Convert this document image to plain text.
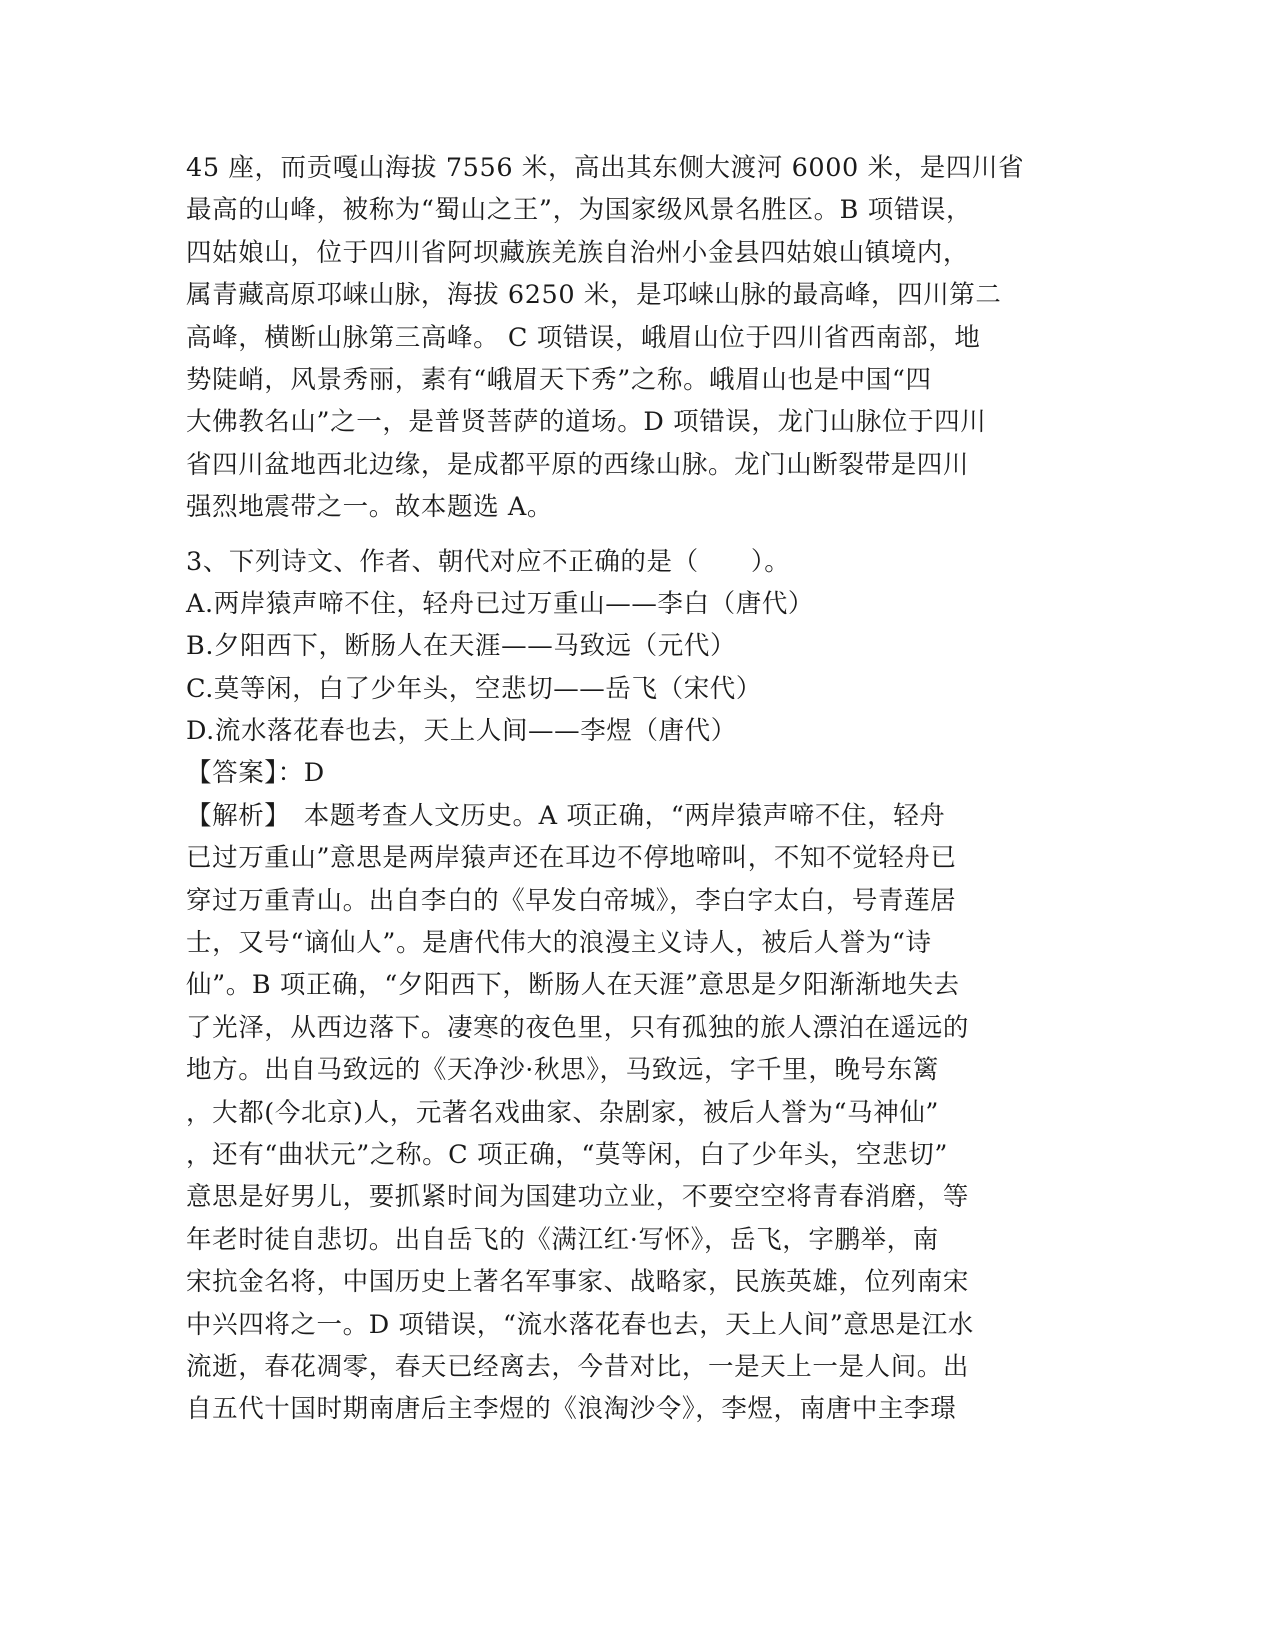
45 座，而贡嘎山海拔 7556 米，高出其东侧大渡河 6000 米，是四川省
最高的山峰，被称为“蜀山之王”，为国家级风景名胜区。B 项错误，
四姑娘山，位于四川省阿坝藏族羌族自治州小金县四姑娘山镇境内，
属青藏高原邛崃山脉，海拔 6250 米，是邛崃山脉的最高峰，四川第二
高峰，横断山脉第三高峰。 C 项错误，峨眉山位于四川省西南部，地
势陡峭，风景秀丽，素有“峨眉天下秀”之称。峨眉山也是中国“四
大佛教名山”之一，是普贤菩萨的道场。D 项错误，龙门山脉位于四川
省四川盆地西北边缘，是成都平原的西缘山脉。龙门山断裂带是四川
强烈地震带之一。故本题选 A。
3、下列诗文、作者、朝代对应不正确的是（　　）。
A.两岸猿声啼不住，轻舟已过万重山——李白（唐代）
B.夕阳西下，断肠人在天涯——马致远（元代）
C.莫等闲，白了少年头，空悲切——岳飞（宋代）
D.流水落花春也去，天上人间——李煜（唐代）
【答案】：D
【解析】　本题考查人文历史。A 项正确，“两岸猿声啼不住，轻舟
已过万重山”意思是两岸猿声还在耳边不停地啼叫，不知不觉轻舟已
穿过万重青山。出自李白的《早发白帝城》，李白字太白，号青莲居
士，又号“谪仙人”。是唐代伟大的浪漫主义诗人，被后人誉为“诗
仙”。B 项正确，“夕阳西下，断肠人在天涯”意思是夕阳渐渐地失去
了光泽，从西边落下。凄寒的夜色里，只有孤独的旅人漂泊在遥远的
地方。出自马致远的《天净沙·秋思》，马致远，字千里，晚号东篱
，大都(今北京)人，元著名戏曲家、杂剧家，被后人誉为“马神仙”
，还有“曲状元”之称。C 项正确，“莫等闲，白了少年头，空悲切”
意思是好男儿，要抓紧时间为国建功立业，不要空空将青春消磨，等
年老时徒自悲切。出自岳飞的《满江红·写怀》，岳飞，字鹏举，南
宋抗金名将，中国历史上著名军事家、战略家，民族英雄，位列南宋
中兴四将之一。D 项错误，“流水落花春也去，天上人间”意思是江水
流逝，春花凋零，春天已经离去，今昔对比，一是天上一是人间。出
自五代十国时期南唐后主李煜的《浪淘沙令》，李煜，南唐中主李璟
